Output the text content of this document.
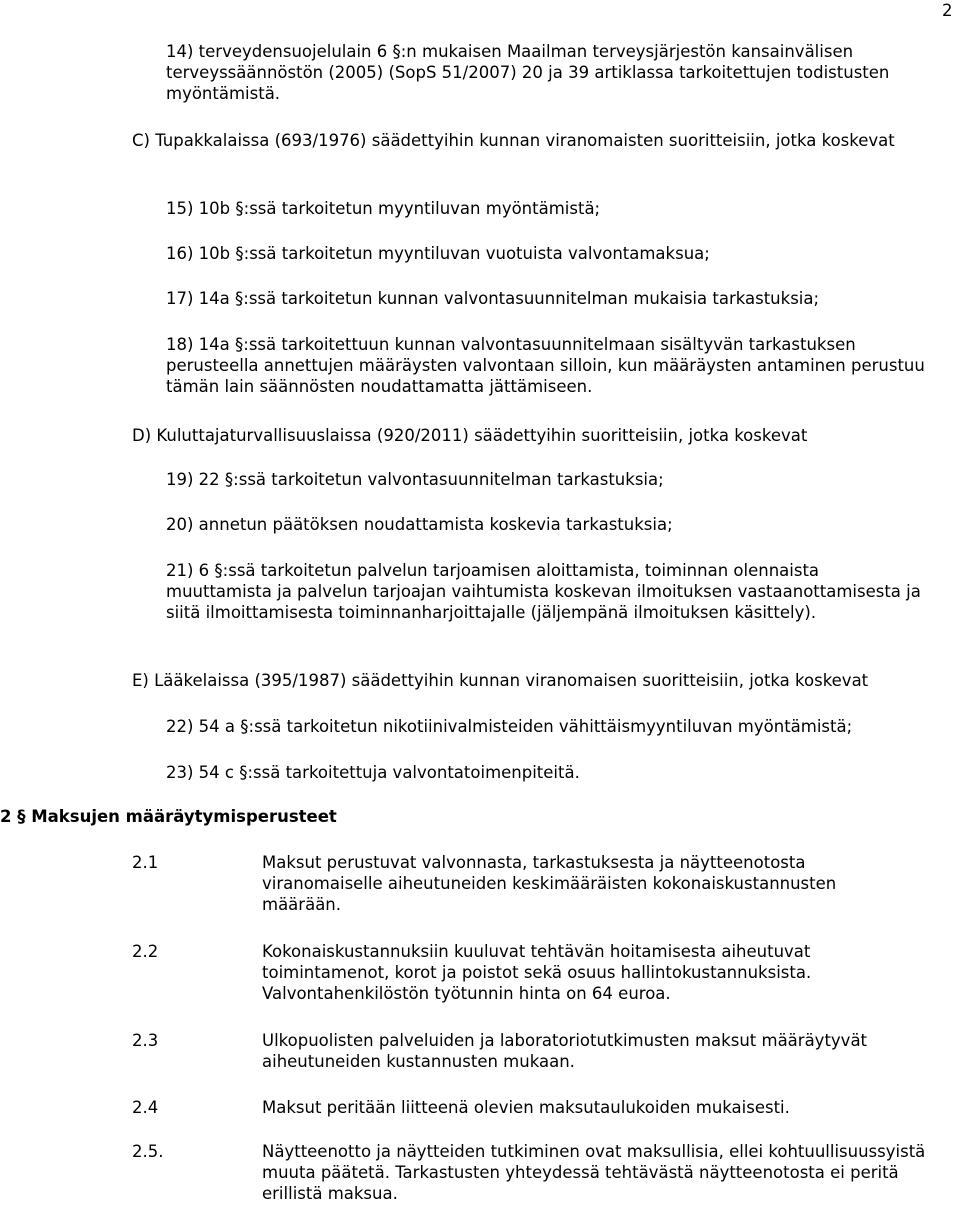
2

14) terveydensuojelulain 6 §:n mukaisen Maailman terveysjärjestön kansainvälisen terveyssäännöstön (2005) (SopS 51/2007) 20 ja 39 artiklassa tarkoitettujen todistusten myöntämistä.

C) Tupakkalaissa (693/1976) säädettyihin kunnan viranomaisten suoritteisiin, jotka koskevat

15) 10b §:ssä tarkoitetun myyntiluvan myöntämistä;

16) 10b §:ssä tarkoitetun myyntiluvan vuotuista valvontamaksua;

17) 14a §:ssä tarkoitetun kunnan valvontasuunnitelman mukaisia tarkastuksia;

18) 14a §:ssä tarkoitettuun kunnan valvontasuunnitelmaan sisältyvän tarkastuksen perusteella annettujen määräysten valvontaan silloin, kun määräysten antaminen perustuu tämän lain säännösten noudattamatta jättämiseen.

D) Kuluttajaturvallisuuslaissa (920/2011) säädettyihin suoritteisiin, jotka koskevat

19) 22 §:ssä tarkoitetun valvontasuunnitelman tarkastuksia;

20) annetun päätöksen noudattamista koskevia tarkastuksia;

21) 6 §:ssä tarkoitetun palvelun tarjoamisen aloittamista, toiminnan olennaista muuttamista ja palvelun tarjoajan vaihtumista koskevan ilmoituksen vastaanottamisesta ja siitä ilmoittamisesta toiminnanharjoittajalle (jäljempänä ilmoituksen käsittely).

E) Lääkelaissa (395/1987) säädettyihin kunnan viranomaisen suoritteisiin, jotka koskevat

22) 54 a §:ssä tarkoitetun nikotiinivalmisteiden vähittäismyyntiluvan myöntämistä;

23) 54 c §:ssä tarkoitettuja valvontatoimenpiteitä.

2 § Maksujen määräytymisperusteet
2.1	Maksut perustuvat valvonnasta, tarkastuksesta ja näytteenotosta viranomaiselle aiheutuneiden keskimääräisten kokonaiskustannusten määrään.

2.2	Kokonaiskustannuksiin kuuluvat tehtävän hoitamisesta aiheutuvat toimintamenot, korot ja poistot sekä osuus hallintokustannuksista. Valvontahenkilöstön työtunnin hinta on 64 euroa.

2.3	Ulkopuolisten palveluiden ja laboratoriotutkimusten maksut määräytyvät aiheutuneiden kustannusten mukaan.

2.4	Maksut peritään liitteenä olevien maksutaulukoiden mukaisesti.

2.5.	Näytteenotto ja näytteiden tutkiminen ovat maksullisia, ellei kohtuullisuussyistä muuta päätetä. Tarkastusten yhteydessä tehtävästä näytteenotosta ei peritä erillistä maksua.
